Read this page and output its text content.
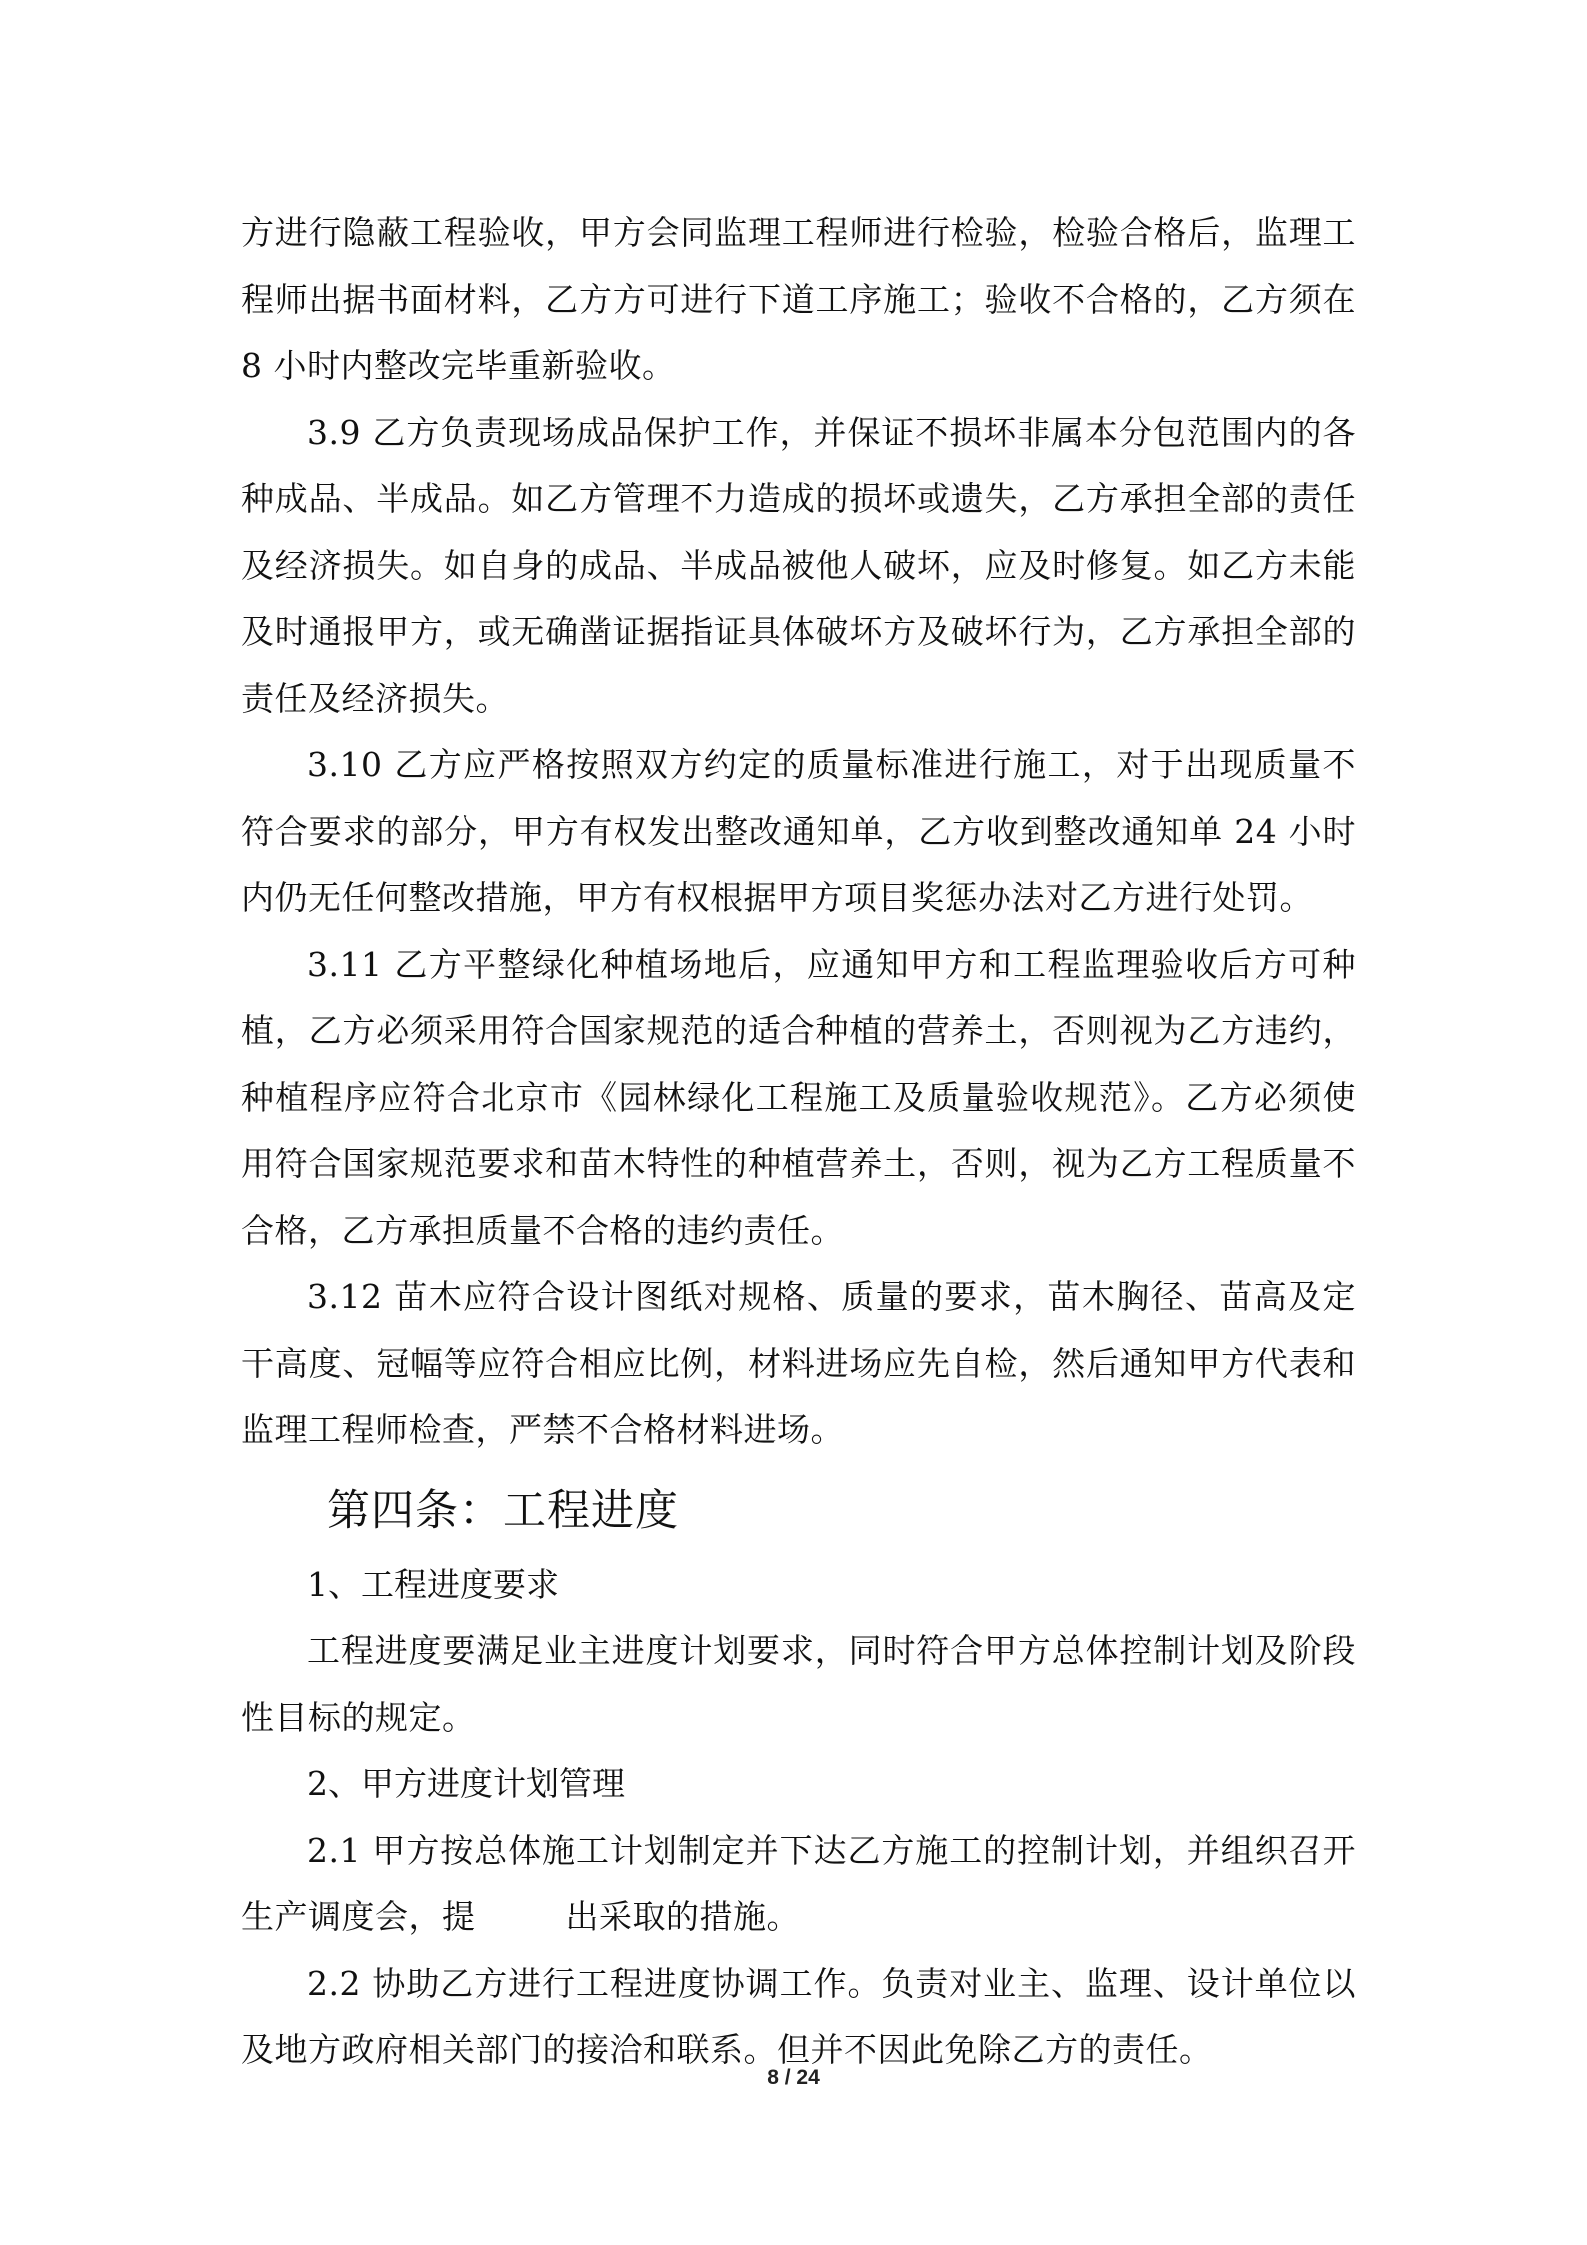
方进行隐蔽工程验收，甲方会同监理工程师进行检验，检验合格后，监理工程师出据书面材料，乙方方可进行下道工序施工；验收不合格的，乙方须在 8 小时内整改完毕重新验收。

3.9 乙方负责现场成品保护工作，并保证不损坏非属本分包范围内的各种成品、半成品。如乙方管理不力造成的损坏或遗失，乙方承担全部的责任及经济损失。如自身的成品、半成品被他人破坏，应及时修复。如乙方未能及时通报甲方，或无确凿证据指证具体破坏方及破坏行为，乙方承担全部的责任及经济损失。

3.10 乙方应严格按照双方约定的质量标准进行施工，对于出现质量不符合要求的部分，甲方有权发出整改通知单，乙方收到整改通知单 24 小时内仍无任何整改措施，甲方有权根据甲方项目奖惩办法对乙方进行处罚。

3.11 乙方平整绿化种植场地后，应通知甲方和工程监理验收后方可种植，乙方必须采用符合国家规范的适合种植的营养土，否则视为乙方违约，种植程序应符合北京市《园林绿化工程施工及质量验收规范》。乙方必须使用符合国家规范要求和苗木特性的种植营养土，否则，视为乙方工程质量不合格，乙方承担质量不合格的违约责任。

3.12 苗木应符合设计图纸对规格、质量的要求，苗木胸径、苗高及定干高度、冠幅等应符合相应比例，材料进场应先自检，然后通知甲方代表和监理工程师检查，严禁不合格材料进场。

第四条：工程进度

1、工程进度要求

工程进度要满足业主进度计划要求，同时符合甲方总体控制计划及阶段性目标的规定。

2、甲方进度计划管理

2.1 甲方按总体施工计划制定并下达乙方施工的控制计划，并组织召开生产调度会，提	出采取的措施。

2.2 协助乙方进行工程进度协调工作。负责对业主、监理、设计单位以及地方政府相关部门的接洽和联系。但并不因此免除乙方的责任。

8 / 24
